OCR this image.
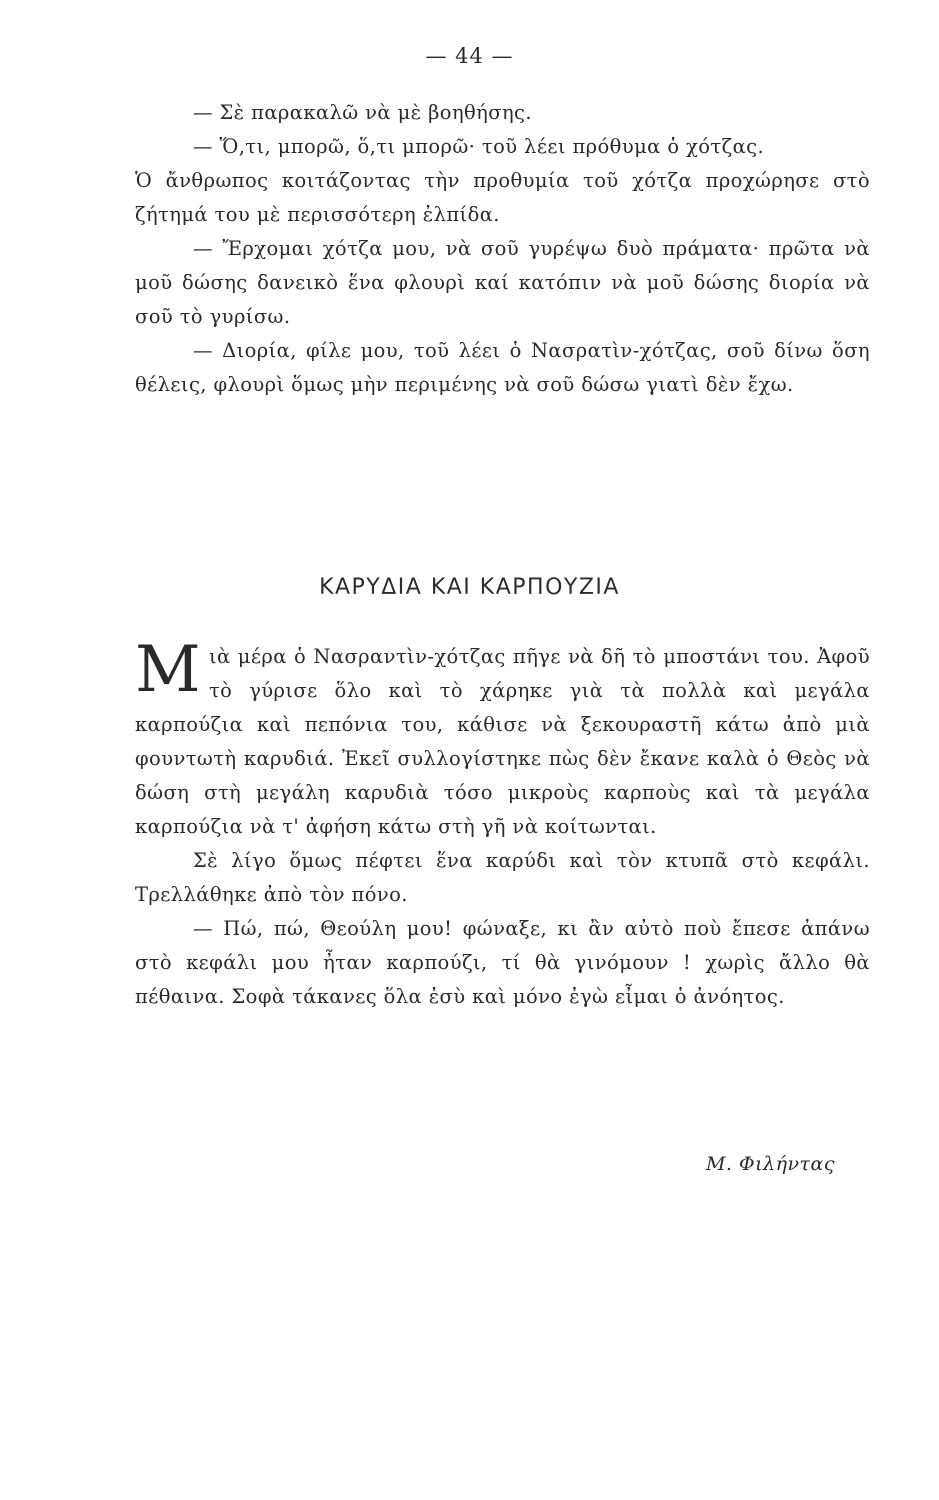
— 44 —

— Σὲ παρακαλῶ νὰ μὲ βοηθήσης.

— Ὅ,τι, μπορῶ, ὅ,τι μπορῶ· τοῦ λέει πρόθυμα ὁ χότζας.

Ὁ ἄνθρωπος κοιτάζοντας τὴν προθυμία τοῦ χότζα προχώρησε στὸ ζήτημά του μὲ περισσότερη ἐλπίδα.

— Ἔρχομαι χότζα μου, νὰ σοῦ γυρέψω δυὸ πράματα· πρῶτα νὰ μοῦ δώσης δανεικὸ ἕνα φλουρὶ καί κατόπιν νὰ μοῦ δώσης διορία νὰ σοῦ τὸ γυρίσω.

— Διορία, φίλε μου, τοῦ λέει ὁ Νασρατὶν-χότζας, σοῦ δίνω ὅση θέλεις, φλουρὶ ὅμως μὴν περιμένης νὰ σοῦ δώσω γιατὶ δὲν ἔχω.

ΚΑΡΥΔΙΑ ΚΑΙ ΚΑΡΠΟΥΖΙΑ

Μιὰ μέρα ὁ Νασραντὶν-χότζας πῆγε νὰ δῆ τὸ μποστάνι του. Ἀφοῦ τὸ γύρισε ὅλο καὶ τὸ χάρηκε γιὰ τὰ πολλὰ καὶ μεγάλα καρπούζια καὶ πεπόνια του, κάθισε νὰ ξεκουραστῆ κάτω ἀπὸ μιὰ φουντωτὴ καρυδιά. Ἐκεῖ συλλογίστηκε πὼς δὲν ἔκανε καλὰ ὁ Θεὸς νὰ δώση στὴ μεγάλη καρυδιὰ τόσο μικροὺς καρποὺς καὶ τὰ μεγάλα καρπούζια νὰ τ' ἀφήση κάτω στὴ γῆ νὰ κοίτωνται.

Σὲ λίγο ὅμως πέφτει ἕνα καρύδι καὶ τὸν κτυπᾶ στὸ κεφάλι. Τρελλάθηκε ἀπὸ τὸν πόνο.

— Πώ, πώ, Θεούλη μου! φώναξε, κι ἂν αὐτὸ ποὺ ἔπεσε ἀπάνω στὸ κεφάλι μου ἦταν καρπούζι, τί θὰ γινόμουν ! χωρὶς ἄλλο θὰ πέθαινα. Σοφὰ τάκανες ὅλα ἐσὺ καὶ μόνο ἐγὼ εἶμαι ὁ ἀνόητος.

Μ. Φιλήντας
